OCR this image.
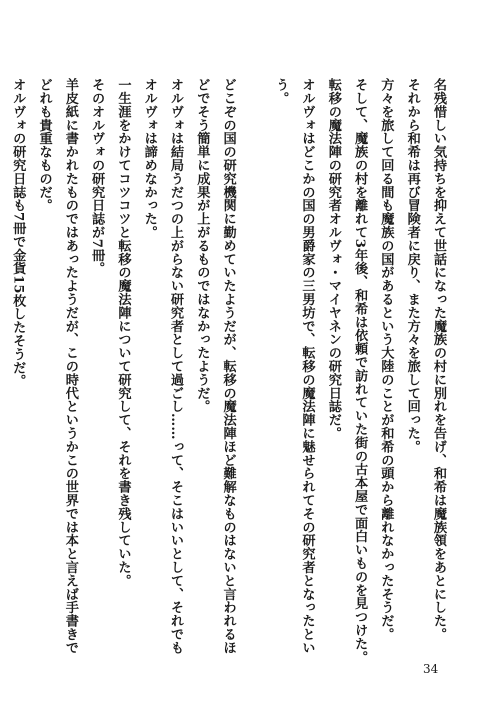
名残惜しい気持ちを抑えて世話になった魔族の村に別れを告げ、和希は魔族領をあとにした。
それから和希は再び冒険者に戻り、また方々を旅して回った。
方々を旅して回る間も魔族の国があるという大陸のことが和希の頭から離れなかったそうだ。
そして、魔族の村を離れて3年後、和希は依頼で訪れていた街の古本屋で面白いものを見つけた。
転移の魔法陣の研究者オルヴォ・マイヤネンの研究日誌だ。
オルヴォはどこかの国の男爵家の三男坊で、転移の魔法陣に魅せられてその研究者となったとい
う。

どこぞの国の研究機関に勤めていたようだが、転移の魔法陣ほど難解なものはないと言われるほ
どでそう簡単に成果が上がるものではなかったようだ。
オルヴォは結局うだつの上がらない研究者として過ごし……って、そこはいいとして、それでも
オルヴォは諦めなかった。
一生涯をかけてコツコツと転移の魔法陣について研究して、それを書き残していた。
そのオルヴォの研究日誌が7冊。
羊皮紙に書かれたものではあったようだが、この時代というかこの世界では本と言えば手書きで
どれも貴重なものだ。
オルヴォの研究日誌も7冊で金貨15枚したそうだ。
34
